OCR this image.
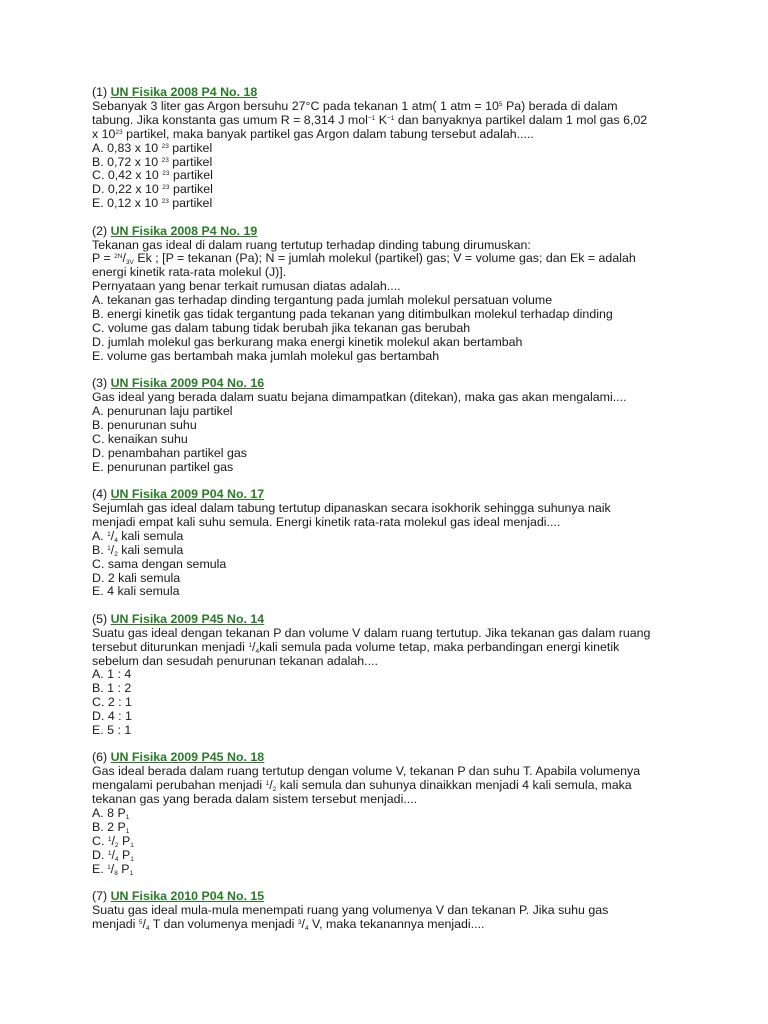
(1) UN Fisika 2008 P4 No. 18
Sebanyak 3 liter gas Argon bersuhu 27°C pada tekanan 1 atm( 1 atm = $10^5$ Pa) berada di dalam
tabung. Jika konstanta gas umum R = 8,314 J mol$^{-1}$ $K^{-1}$ dan banyaknya partikel dalam 1 mol gas 6,02
x $10^{23}$ partikel, maka banyak partikel gas Argon dalam tabung tersebut adalah.....
A. 0,83 x 10 $^{23}$ partikel
B. 0,72 x 10 $^{23}$ partikel
C. 0,42 x 10 $^{23}$ partikel
D. 0,22 x 10 $^{23}$ partikel
E. 0,12 x 10 $^{23}$ partikel
(2) UN Fisika 2008 P4 No. 19
Tekanan gas ideal di dalam ruang tertutup terhadap dinding tabung dirumuskan:
$P = ^{2N}/_{3V}$ Ek ; [P = tekanan (Pa); N = jumlah molekul (partikel) gas; V = volume gas; dan Ek = adalah
energi kinetik rata-rata molekul (J)].
Pernyataan yang benar terkait rumusan diatas adalah....
A. tekanan gas terhadap dinding tergantung pada jumlah molekul persatuan volume
B. energi kinetik gas tidak tergantung pada tekanan yang ditimbulkan molekul terhadap dinding
C. volume gas dalam tabung tidak berubah jika tekanan gas berubah
D. jumlah molekul gas berkurang maka energi kinetik molekul akan bertambah
E. volume gas bertambah maka jumlah molekul gas bertambah
(3) UN Fisika 2009 P04 No. 16
Gas ideal yang berada dalam suatu bejana dimampatkan (ditekan), maka gas akan mengalami....
A. penurunan laju partikel
B. penurunan suhu
C. kenaikan suhu
D. penambahan partikel gas
E. penurunan partikel gas
(4) UN Fisika 2009 P04 No. 17
Sejumlah gas ideal dalam tabung tertutup dipanaskan secara isokhorik sehingga suhunya naik
menjadi empat kali suhu semula. Energi kinetik rata-rata molekul gas ideal menjadi....
A. $^1/_4$ kali semula
B. $^1/_2$ kali semula
C. sama dengan semula
D. 2 kali semula
E. 4 kali semula
(5) UN Fisika 2009 P45 No. 14
Suatu gas ideal dengan tekanan P dan volume V dalam ruang tertutup. Jika tekanan gas dalam ruang
tersebut diturunkan menjadi $^1/_4kali$ semula pada volume tetap, maka perbandingan energi kinetik
sebelum dan sesudah penurunan tekanan adalah....
A. 1 : 4
B. 1 : 2
C. 2 : 1
D. 4 : 1
E. 5 : 1
(6) UN Fisika 2009 P45 No. 18
Gas ideal berada dalam ruang tertutup dengan volume V, tekanan P dan suhu T. Apabila volumenya
mengalami perubahan menjadi $^1/_2$ kali semula dan suhunya dinaikkan menjadi 4 kali semula, maka
tekanan gas yang berada dalam sistem tersebut menjadi....
A. 8 $P_1$
B. 2 $P_1$
C. $^1/_2$ $P_1$
D. $^1/_4$ $P_1$
E. $^1/_8$ $P_1$
(7) UN Fisika 2010 P04 No. 15
Suatu gas ideal mula-mula menempati ruang yang volumenya V dan tekanan P. Jika suhu gas
menjadi $^5/_4$ T dan volumenya menjadi $^3/_4$ V, maka tekanannya menjadi....
